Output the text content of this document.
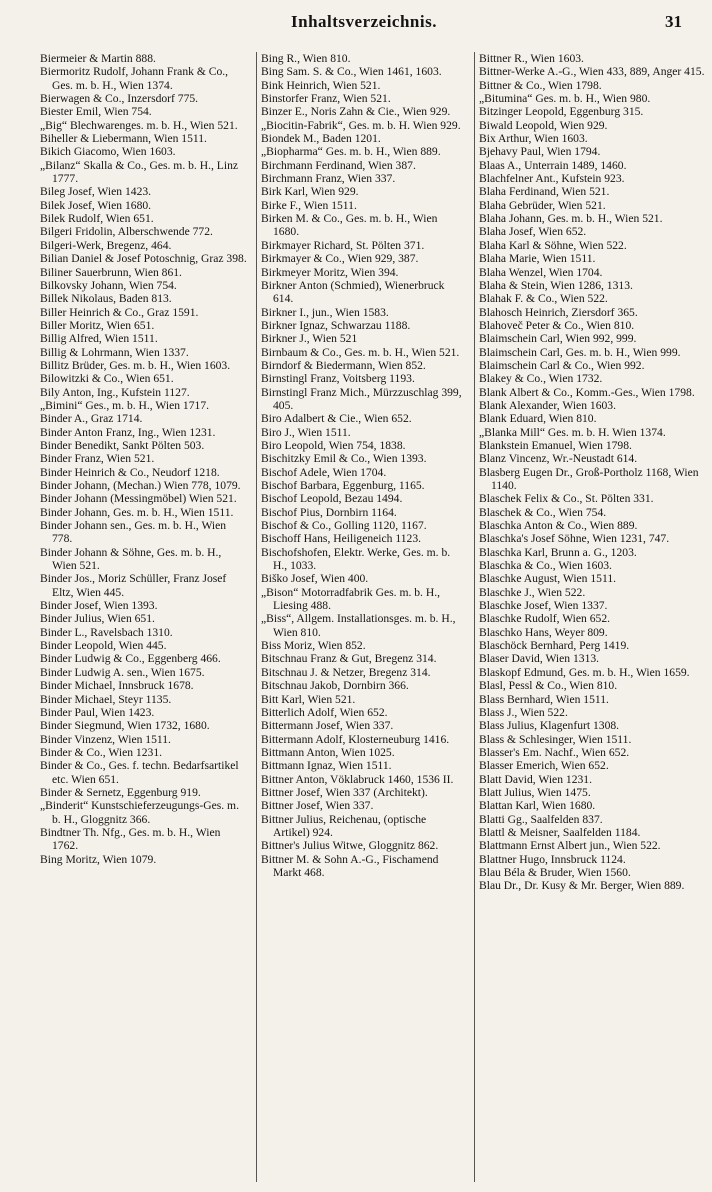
Inhaltsverzeichnis.	31

Biermeier & Martin 888.

Biermoritz Rudolf, Johann Frank & Co., Ges. m. b. H., Wien 1374.

Bierwagen & Co., Inzersdorf 775.

Biester Emil, Wien 754.

„Big“ Blechwarenges. m. b. H., Wien 521.

Biheller & Liebermann, Wien 1511.

Bikich Giacomo, Wien 1603.

„Bilanz“ Skalla & Co., Ges. m. b. H., Linz 1777.

Bileg Josef, Wien 1423.

Bilek Josef, Wien 1680.

Bilek Rudolf, Wien 651.

Bilgeri Fridolin, Alberschwende 772.

Bilgeri-Werk, Bregenz, 464.

Bilian Daniel & Josef Potoschnig, Graz 398.

Biliner Sauerbrunn, Wien 861.

Bilkovsky Johann, Wien 754.

Billek Nikolaus, Baden 813.

Biller Heinrich & Co., Graz 1591.

Biller Moritz, Wien 651.

Billig Alfred, Wien 1511.

Billig & Lohrmann, Wien 1337.

Billitz Brüder, Ges. m. b. H., Wien 1603.

Bilowitzki & Co., Wien 651.

Bily Anton, Ing., Kufstein 1127.

„Bimini“ Ges., m. b. H., Wien 1717.

Binder A., Graz 1714.

Binder Anton Franz, Ing., Wien 1231.

Binder Benedikt, Sankt Pölten 503.

Binder Franz, Wien 521.

Binder Heinrich & Co., Neudorf 1218.

Binder Johann, (Mechan.) Wien 778, 1079.

Binder Johann (Messingmöbel) Wien 521.

Binder Johann, Ges. m. b. H., Wien 1511.

Binder Johann sen., Ges. m. b. H., Wien 778.

Binder Johann & Söhne, Ges. m. b. H., Wien 521.

Binder Jos., Moriz Schüller, Franz Josef Eltz, Wien 445.

Binder Josef, Wien 1393.

Binder Julius, Wien 651.

Binder L., Ravelsbach 1310.

Binder Leopold, Wien 445.

Binder Ludwig & Co., Eggenberg 466.

Binder Ludwig A. sen., Wien 1675.

Binder Michael, Innsbruck 1678.

Binder Michael, Steyr 1135.

Binder Paul, Wien 1423.

Binder Siegmund, Wien 1732, 1680.

Binder Vinzenz, Wien 1511.

Binder & Co., Wien 1231.

Binder & Co., Ges. f. techn. Bedarfsartikel etc. Wien 651.

Binder & Sernetz, Eggenburg 919.

„Binderit“ Kunstschieferzeugungs-Ges. m. b. H., Gloggnitz 366.

Bindtner Th. Nfg., Ges. m. b. H., Wien 1762.

Bing Moritz, Wien 1079.

Bing R., Wien 810.

Bing Sam. S. & Co., Wien 1461, 1603.

Bink Heinrich, Wien 521.

Binstorfer Franz, Wien 521.

Binzer E., Noris Zahn & Cie., Wien 929.

„Biocitin-Fabrik“, Ges. m. b. H. Wien 929.

Biondek M., Baden 1201.

„Biopharma“ Ges. m. b. H., Wien 889.

Birchmann Ferdinand, Wien 387.

Birchmann Franz, Wien 337.

Birk Karl, Wien 929.

Birke F., Wien 1511.

Birken M. & Co., Ges. m. b. H., Wien 1680.

Birkmayer Richard, St. Pölten 371.

Birkmayer & Co., Wien 929, 387.

Birkmeyer Moritz, Wien 394.

Birkner Anton (Schmied), Wienerbruck 614.

Birkner I., jun., Wien 1583.

Birkner Ignaz, Schwarzau 1188.

Birkner J., Wien 521

Birnbaum & Co., Ges. m. b. H., Wien 521.

Birndorf & Biedermann, Wien 852.

Birnstingl Franz, Voitsberg 1193.

Birnstingl Franz Mich., Mürzzuschlag 399, 405.

Biro Adalbert & Cie., Wien 652.

Biro J., Wien 1511.

Biro Leopold, Wien 754, 1838.

Bischitzky Emil & Co., Wien 1393.

Bischof Adele, Wien 1704.

Bischof Barbara, Eggenburg, 1165.

Bischof Leopold, Bezau 1494.

Bischof Pius, Dornbirn 1164.

Bischof & Co., Golling 1120, 1167.

Bischoff Hans, Heiligeneich 1123.

Bischofshofen, Elektr. Werke, Ges. m. b. H., 1033.

Biško Josef, Wien 400.

„Bison“ Motorradfabrik Ges. m. b. H., Liesing 488.

„Biss“, Allgem. Installationsges. m. b. H., Wien 810.

Biss Moriz, Wien 852.

Bitschnau Franz & Gut, Bregenz 314.

Bitschnau J. & Netzer, Bregenz 314.

Bitschnau Jakob, Dornbirn 366.

Bitt Karl, Wien 521.

Bitterlich Adolf, Wien 652.

Bittermann Josef, Wien 337.

Bittermann Adolf, Klosterneuburg 1416.

Bittmann Anton, Wien 1025.

Bittmann Ignaz, Wien 1511.

Bittner Anton, Vöklabruck 1460, 1536 II.

Bittner Josef, Wien 337 (Architekt).

Bittner Josef, Wien 337.

Bittner Julius, Reichenau, (optische Artikel) 924.

Bittner's Julius Witwe, Gloggnitz 862.

Bittner M. & Sohn A.-G., Fischamend Markt 468.

Bittner R., Wien 1603.

Bittner-Werke A.-G., Wien 433, 889, Anger 415.

Bittner & Co., Wien 1798.

„Bitumina“ Ges. m. b. H., Wien 980.

Bitzinger Leopold, Eggenburg 315.

Biwald Leopold, Wien 929.

Bix Arthur, Wien 1603.

Bjehavy Paul, Wien 1794.

Blaas A., Unterrain 1489, 1460.

Blachfelner Ant., Kufstein 923.

Blaha Ferdinand, Wien 521.

Blaha Gebrüder, Wien 521.

Blaha Johann, Ges. m. b. H., Wien 521.

Blaha Josef, Wien 652.

Blaha Karl & Söhne, Wien 522.

Blaha Marie, Wien 1511.

Blaha Wenzel, Wien 1704.

Blaha & Stein, Wien 1286, 1313.

Blahak F. & Co., Wien 522.

Blahosch Heinrich, Ziersdorf 365.

Blahoveč Peter & Co., Wien 810.

Blaimschein Carl, Wien 992, 999.

Blaimschein Carl, Ges. m. b. H., Wien 999.

Blaimschein Carl & Co., Wien 992.

Blakey & Co., Wien 1732.

Blank Albert & Co., Komm.-Ges., Wien 1798.

Blank Alexander, Wien 1603.

Blank Eduard, Wien 810.

„Blanka Mill“ Ges. m. b. H. Wien 1374.

Blankstein Emanuel, Wien 1798.

Blanz Vincenz, Wr.-Neustadt 614.

Blasberg Eugen Dr., Groß-Portholz 1168, Wien 1140.

Blaschek Felix & Co., St. Pölten 331.

Blaschek & Co., Wien 754.

Blaschka Anton & Co., Wien 889.

Blaschka's Josef Söhne, Wien 1231, 747.

Blaschka Karl, Brunn a. G., 1203.

Blaschka & Co., Wien 1603.

Blaschke August, Wien 1511.

Blaschke J., Wien 522.

Blaschke Josef, Wien 1337.

Blaschke Rudolf, Wien 652.

Blaschko Hans, Weyer 809.

Blaschöck Bernhard, Perg 1419.

Blaser David, Wien 1313.

Blaskopf Edmund, Ges. m. b. H., Wien 1659.

Blasl, Pessl & Co., Wien 810.

Blass Bernhard, Wien 1511.

Blass J., Wien 522.

Blass Julius, Klagenfurt 1308.

Blass & Schlesinger, Wien 1511.

Blasser's Em. Nachf., Wien 652.

Blasser Emerich, Wien 652.

Blatt David, Wien 1231.

Blatt Julius, Wien 1475.

Blattan Karl, Wien 1680.

Blatti Gg., Saalfelden 837.

Blattl & Meisner, Saalfelden 1184.

Blattmann Ernst Albert jun., Wien 522.

Blattner Hugo, Innsbruck 1124.

Blau Béla & Bruder, Wien 1560.

Blau Dr., Dr. Kusy & Mr. Berger, Wien 889.
